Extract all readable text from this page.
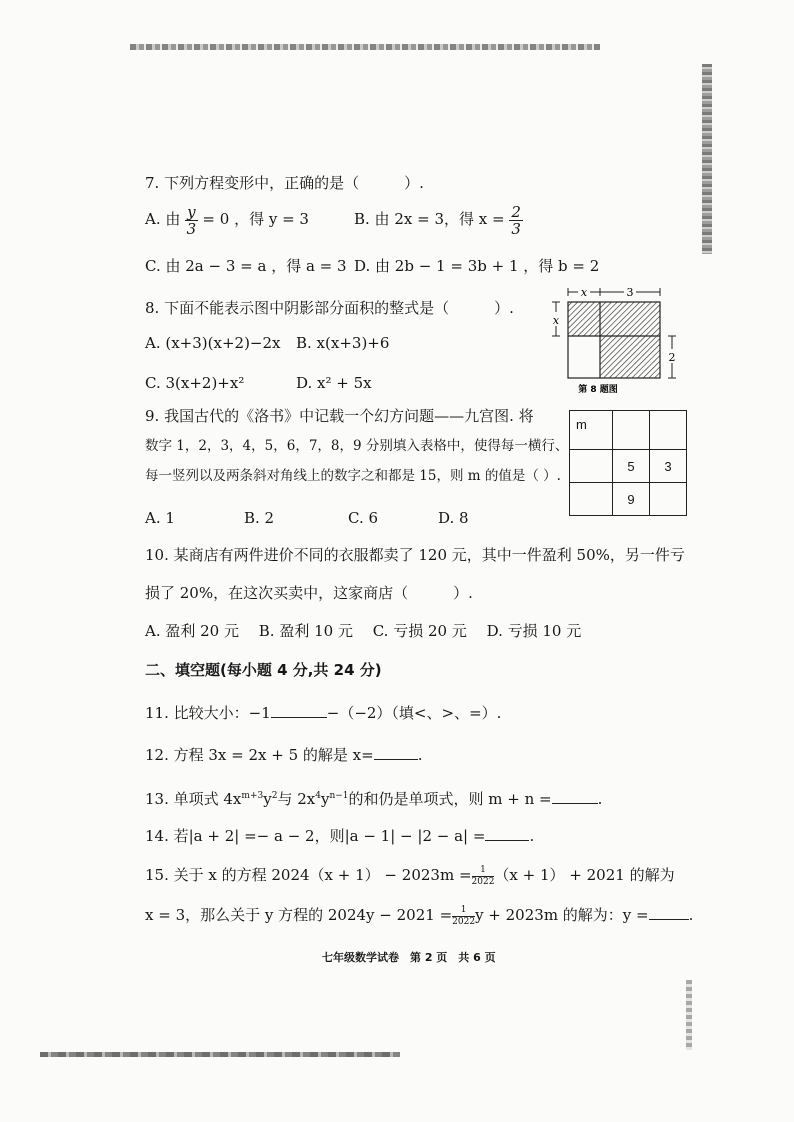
7. 下列方程变形中，正确的是（　　　）.
A. 由 $\frac{y}{3} = 0$ ，得 y = 3	B. 由 2x = 3，得 $x = \frac{2}{3}$
C. 由 2a − 3 = a ，得 a = 3 D. 由 2b − 1 = 3b + 1 ，得 b = 2
8. 下面不能表示图中阴影部分面积的整式是（　　　）.
A. (x+3)(x+2)−2x B. x(x+3)+6
C. 3(x+2)+x²	D. x² + 5x
x	3
x
2
第 8 题图
9. 我国古代的《洛书》中记载一个幻方问题——九宫图. 将
数字 1，2，3，4，5，6，7，8，9 分别填入表格中，使得每一横行、
每一竖列以及两条斜对角线上的数字之和都是 15，则 m 的值是（ ）.
A. 1	B. 2	C. 6	D. 8
m		
	5	3
	9	
10. 某商店有两件进价不同的衣服都卖了 120 元，其中一件盈利 50%，另一件亏
损了 20%，在这次买卖中，这家商店（　　　）.
A. 盈利 20 元　 B. 盈利 10 元　 C. 亏损 20 元　 D. 亏损 10 元
二、填空题(每小题 4 分,共 24 分)
11. 比较大小：−1	−（−2）（填<、>、=）.
12. 方程 3x = 2x + 5 的解是 x=	.
13. 单项式 $4x^{m+3}y^2$与 $2x^4y^{n-1}$的和仍是单项式，则 m + n =	.
14. 若|a + 2| =− a − 2，则|a − 1| − |2 − a| =	.
15. 关于 x 的方程 $2024(x + 1) - 2023m = \frac{1}{2022} (x + 1) + 2021$ 的解为
x = 3，那么关于 y 方程的 $2024y - 2021 = \frac{1}{2022}$ y + 2023m 的解为：y =	.
七年级数学试卷　第 2 页　共 6 页
